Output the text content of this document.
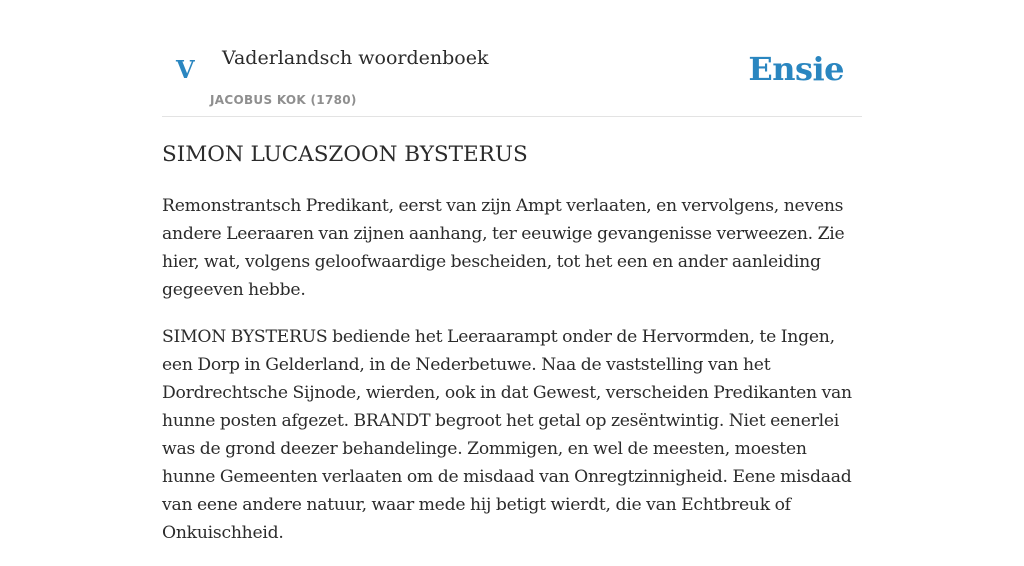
V Vaderlandsch woordenboek
JACOBUS KOK (1780)
Ensie
SIMON LUCASZOON BYSTERUS

Remonstrantsch Predikant, eerst van zijn Ampt verlaaten, en vervolgens, nevens andere Leeraaren van zijnen aanhang, ter eeuwige gevangenisse verweezen. Zie hier, wat, volgens geloofwaardige bescheiden, tot het een en ander aanleiding gegeeven hebbe.

SIMON BYSTERUS bediende het Leeraarampt onder de Hervormden, te Ingen, een Dorp in Gelderland, in de Nederbetuwe. Naa de vaststelling van het Dordrechtsche Sijnode, wierden, ook in dat Gewest, verscheiden Predikanten van hunne posten afgezet. BRANDT begroot het getal op zesëntwintig. Niet eenerlei was de grond deezer behandelinge. Zommigen, en wel de meesten, moesten hunne Gemeenten verlaaten om de misdaad van Onregtzinnigheid. Eene misdaad van eene andere natuur, waar mede hij betigt wierdt, die van Echtbreuk of Onkuischheid.
